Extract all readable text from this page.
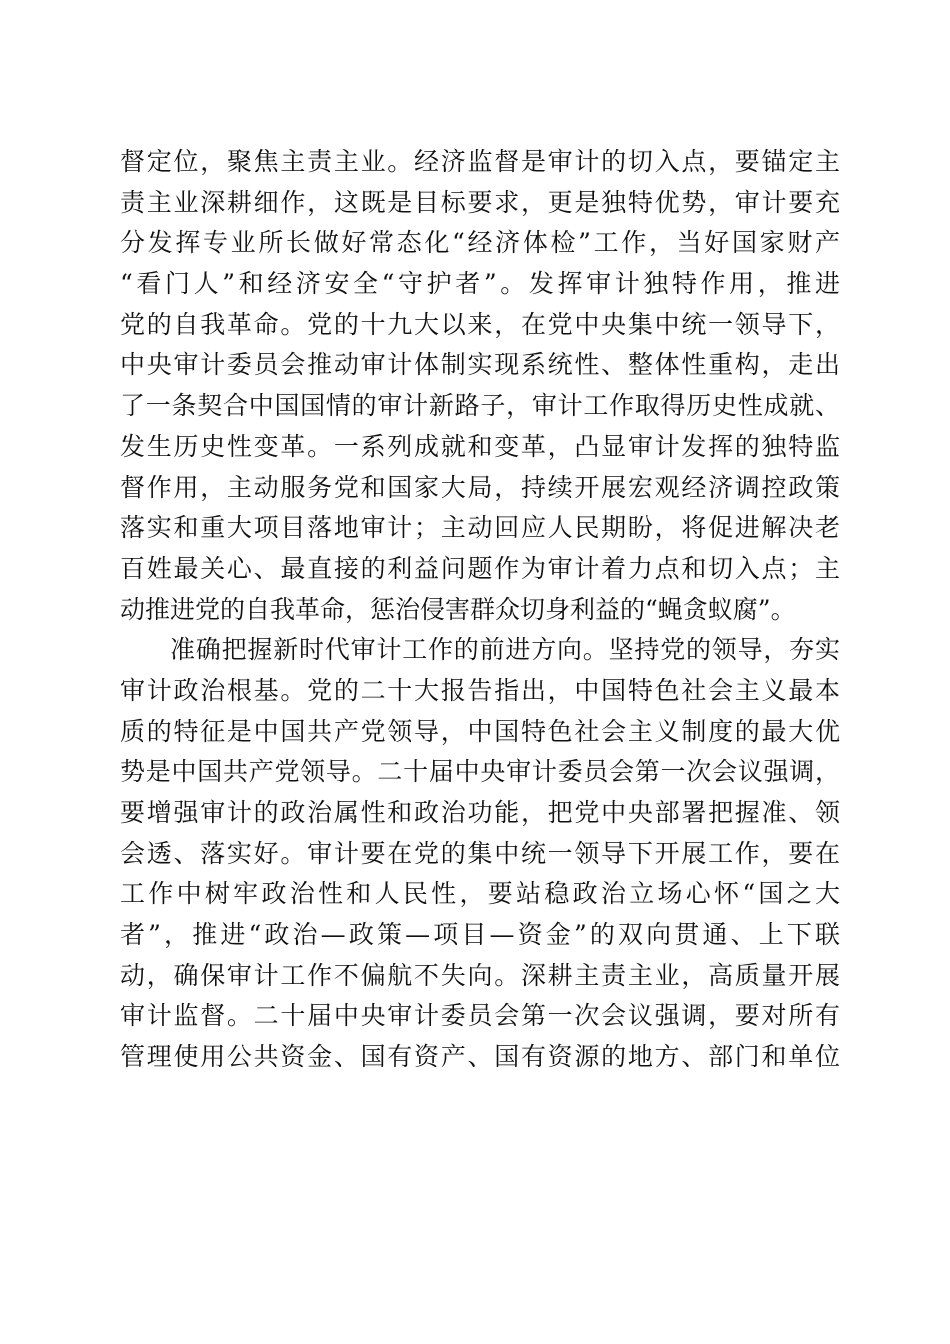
督定位，聚焦主责主业。经济监督是审计的切入点，要锚定主

责主业深耕细作，这既是目标要求，更是独特优势，审计要充

分发挥专业所长做好常态化“经济体检”工作，当好国家财产

“看门人”和经济安全“守护者”。发挥审计独特作用，推进

党的自我革命。党的十九大以来，在党中央集中统一领导下，

中央审计委员会推动审计体制实现系统性、整体性重构，走出

了一条契合中国国情的审计新路子，审计工作取得历史性成就、

发生历史性变革。一系列成就和变革，凸显审计发挥的独特监

督作用，主动服务党和国家大局，持续开展宏观经济调控政策

落实和重大项目落地审计；主动回应人民期盼，将促进解决老

百姓最关心、最直接的利益问题作为审计着力点和切入点；主

动推进党的自我革命，惩治侵害群众切身利益的“蝇贪蚁腐”。

准确把握新时代审计工作的前进方向。坚持党的领导，夯实

审计政治根基。党的二十大报告指出，中国特色社会主义最本

质的特征是中国共产党领导，中国特色社会主义制度的最大优

势是中国共产党领导。二十届中央审计委员会第一次会议强调，

要增强审计的政治属性和政治功能，把党中央部署把握准、领

会透、落实好。审计要在党的集中统一领导下开展工作，要在

工作中树牢政治性和人民性，要站稳政治立场心怀“国之大

者”，推进“政治—政策—项目—资金”的双向贯通、上下联

动，确保审计工作不偏航不失向。深耕主责主业，高质量开展

审计监督。二十届中央审计委员会第一次会议强调，要对所有

管理使用公共资金、国有资产、国有资源的地方、部门和单位
